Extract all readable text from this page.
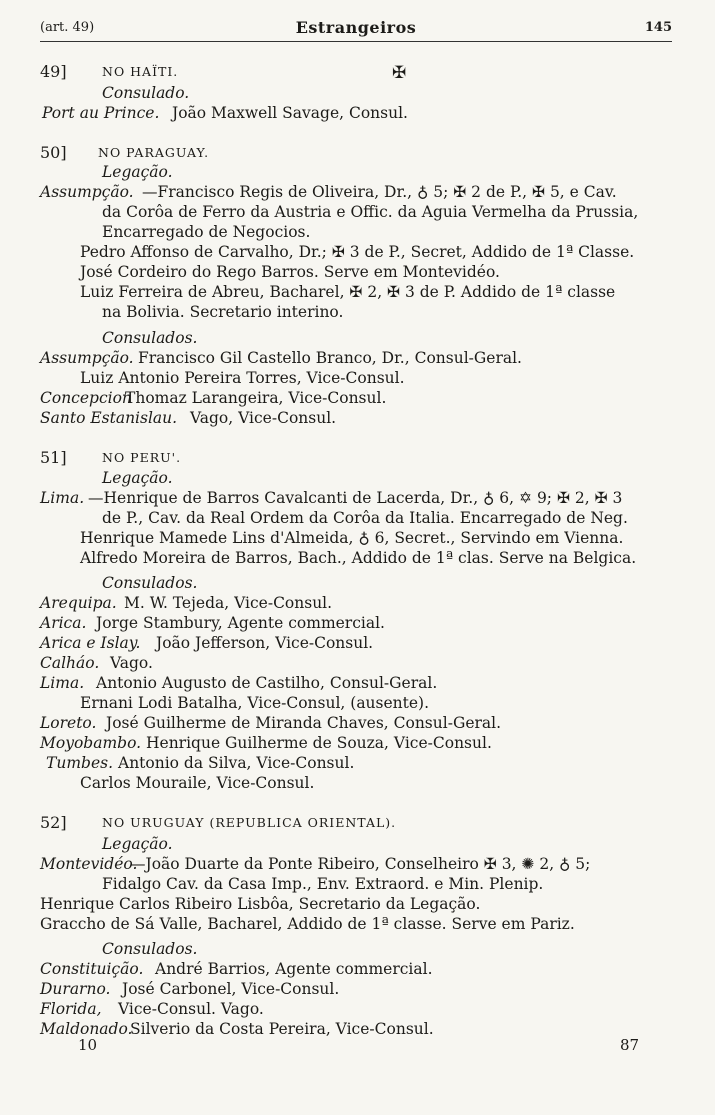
(art. 49)	Estrangeiros	145
✠
49]	NO HAÏTI.
Consulado.
Port au Prince. João Maxwell Savage, Consul.
50]	NO PARAGUAY.
Legação.
Assumpção. —Francisco Regis de Oliveira, Dr., ♁ 5; ✠ 2 de P., ✠ 5, e Cav.
da Corôa de Ferro da Austria e Offic. da Aguia Vermelha da Prussia,
Encarregado de Negocios.
Pedro Affonso de Carvalho, Dr.; ✠ 3 de P., Secret, Addido de 1ª Classe.
José Cordeiro do Rego Barros. Serve em Montevidéo.
Luiz Ferreira de Abreu, Bacharel, ✠ 2, ✠ 3 de P. Addido de 1ª classe
na Bolivia. Secretario interino.
Consulados.
Assumpção. Francisco Gil Castello Branco, Dr., Consul-Geral.
Luiz Antonio Pereira Torres, Vice-Consul.
Concepcion
Thomaz Larangeira, Vice-Consul.
Santo Estanislau. Vago, Vice-Consul.
51]	NO PERU'.
Legação.
Lima. —Henrique de Barros Cavalcanti de Lacerda, Dr., ♁ 6, ✡ 9; ✠ 2, ✠ 3
de P., Cav. da Real Ordem da Corôa da Italia. Encarregado de Neg.
Henrique Mamede Lins d'Almeida, ♁ 6, Secret., Servindo em Vienna.
Alfredo Moreira de Barros, Bach., Addido de 1ª clas. Serve na Belgica.
Consulados.
Arequipa. M. W. Tejeda, Vice-Consul.
Arica. Jorge Stambury, Agente commercial.
Arica e Islay. João Jefferson, Vice-Consul.
Calháo. Vago.
Lima. Antonio Augusto de Castilho, Consul-Geral.
Ernani Lodi Batalha, Vice-Consul, (ausente).
Loreto. José Guilherme de Miranda Chaves, Consul-Geral.
Moyobambo. Henrique Guilherme de Souza, Vice-Consul.
Tumbes. Antonio da Silva, Vice-Consul.
Carlos Mouraile, Vice-Consul.
52]	NO URUGUAY (REPUBLICA ORIENTAL).
Legação.
Montevidéo.
—João Duarte da Ponte Ribeiro, Conselheiro ✠ 3, ✺ 2, ♁ 5;
Fidalgo Cav. da Casa Imp., Env. Extraord. e Min. Plenip.
Henrique Carlos Ribeiro Lisbôa, Secretario da Legação.
Graccho de Sá Valle, Bacharel, Addido de 1ª classe. Serve em Pariz.
Consulados.
Constituição. André Barrios, Agente commercial.
Durarno. José Carbonel, Vice-Consul.
Florida, Vice-Consul. Vago.
Maldonado.
Silverio da Costa Pereira, Vice-Consul.
10	87
